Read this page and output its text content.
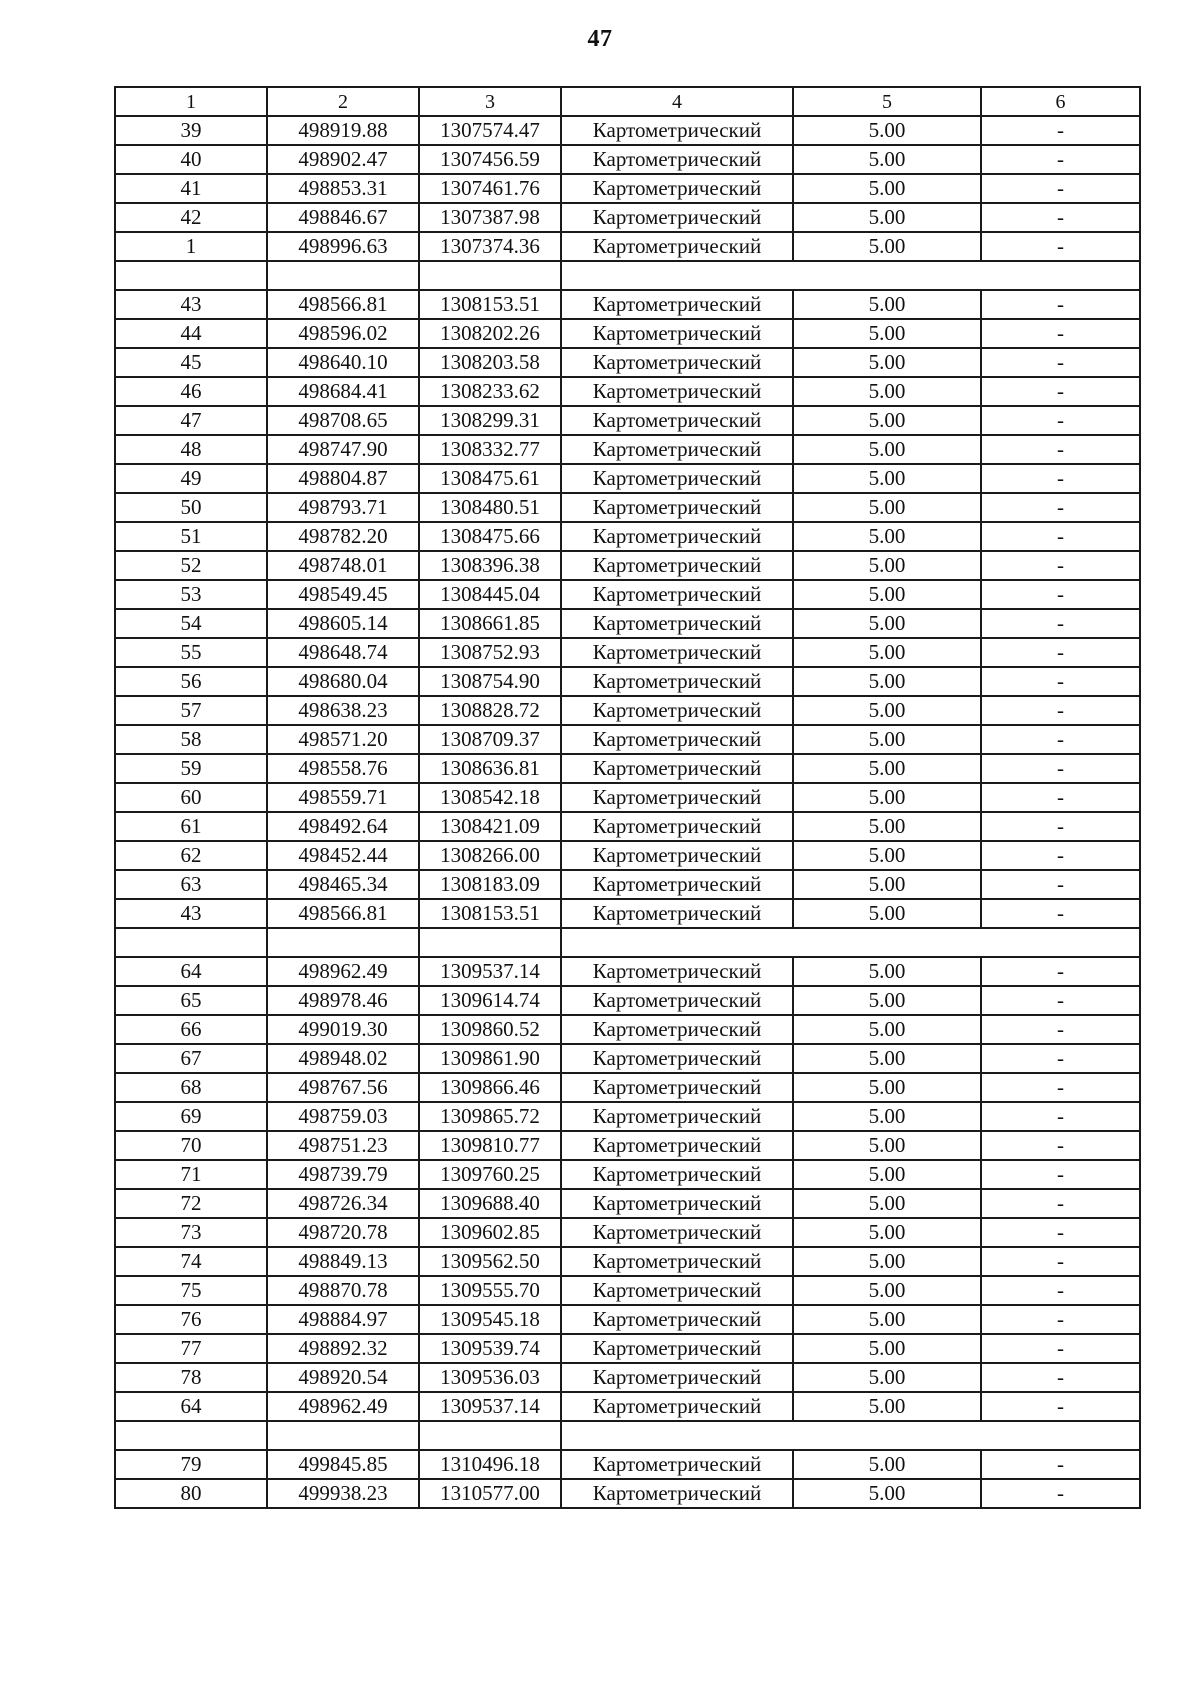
47
1	2	3	4	5	6
39	498919.88	1307574.47	Картометрический	5.00	-
40	498902.47	1307456.59	Картометрический	5.00	-
41	498853.31	1307461.76	Картометрический	5.00	-
42	498846.67	1307387.98	Картометрический	5.00	-
1	498996.63	1307374.36	Картометрический	5.00	-

43	498566.81	1308153.51	Картометрический	5.00	-
44	498596.02	1308202.26	Картометрический	5.00	-
45	498640.10	1308203.58	Картометрический	5.00	-
46	498684.41	1308233.62	Картометрический	5.00	-
47	498708.65	1308299.31	Картометрический	5.00	-
48	498747.90	1308332.77	Картометрический	5.00	-
49	498804.87	1308475.61	Картометрический	5.00	-
50	498793.71	1308480.51	Картометрический	5.00	-
51	498782.20	1308475.66	Картометрический	5.00	-
52	498748.01	1308396.38	Картометрический	5.00	-
53	498549.45	1308445.04	Картометрический	5.00	-
54	498605.14	1308661.85	Картометрический	5.00	-
55	498648.74	1308752.93	Картометрический	5.00	-
56	498680.04	1308754.90	Картометрический	5.00	-
57	498638.23	1308828.72	Картометрический	5.00	-
58	498571.20	1308709.37	Картометрический	5.00	-
59	498558.76	1308636.81	Картометрический	5.00	-
60	498559.71	1308542.18	Картометрический	5.00	-
61	498492.64	1308421.09	Картометрический	5.00	-
62	498452.44	1308266.00	Картометрический	5.00	-
63	498465.34	1308183.09	Картометрический	5.00	-
43	498566.81	1308153.51	Картометрический	5.00	-

64	498962.49	1309537.14	Картометрический	5.00	-
65	498978.46	1309614.74	Картометрический	5.00	-
66	499019.30	1309860.52	Картометрический	5.00	-
67	498948.02	1309861.90	Картометрический	5.00	-
68	498767.56	1309866.46	Картометрический	5.00	-
69	498759.03	1309865.72	Картометрический	5.00	-
70	498751.23	1309810.77	Картометрический	5.00	-
71	498739.79	1309760.25	Картометрический	5.00	-
72	498726.34	1309688.40	Картометрический	5.00	-
73	498720.78	1309602.85	Картометрический	5.00	-
74	498849.13	1309562.50	Картометрический	5.00	-
75	498870.78	1309555.70	Картометрический	5.00	-
76	498884.97	1309545.18	Картометрический	5.00	-
77	498892.32	1309539.74	Картометрический	5.00	-
78	498920.54	1309536.03	Картометрический	5.00	-
64	498962.49	1309537.14	Картометрический	5.00	-

79	499845.85	1310496.18	Картометрический	5.00	-
80	499938.23	1310577.00	Картометрический	5.00	-
